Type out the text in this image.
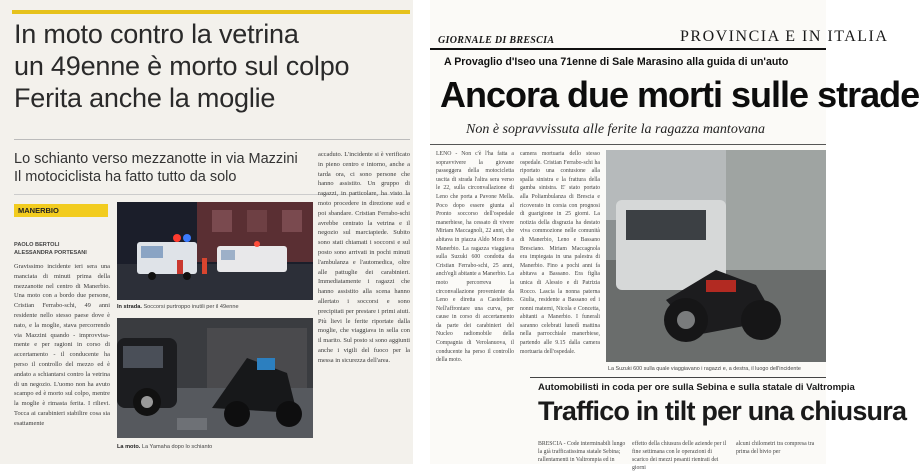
In moto contro la vetrina
un 49enne è morto sul colpo
Ferita anche la moglie
Lo schianto verso mezzanotte in via Mazzini
Il motociclista ha fatto tutto da solo
MANERBIO
PAOLO BERTOLI
ALESSANDRA PORTESANI
Gravissimo incidente ieri sera una manciata di minuti prima della mezzanotte nel centro di Manerbio. Una moto con a bordo due persone, Cristian Ferrabo-schi, 49 anni residente nello stesso paese dove è nato, e la moglie, stava percorrendo via Mazzini quando - improvvisa-mente e per ragioni in corso di accertamento - il conducente ha perso il controllo del mezzo ed è andato a schiantarsi contro la vetrina di un negozio. L'uomo non ha avuto scampo ed è morto sul colpo, mentre la moglie è rimasta ferita. I rilievi. Tocca ai carabinieri stabilire cosa sia esattamente
In strada. Soccorsi purtroppo inutili per il 49enne
La moto. La Yamaha dopo lo schianto
accaduto. L'incidente si è verificato in pieno centro e intorno, anche a tarda ora, ci sono persone che hanno assistito. Un gruppo di ragazzi, in particolare, ha visto la moto procedere in direzione sud e poi sbandare. Cristian Ferrabo-schi avrebbe centrato la vetrina e il negozio sul marciapiede. Subito sono stati chiamati i soccorsi e sul posto sono arrivati in pochi minuti l'ambulanza e l'automedica, oltre alle pattuglie dei carabinieri. Immediatamente i ragazzi che hanno assistito alla scena hanno allertato i soccorsi e sono precipitati per prestare i primi aiuti. Più lievi le ferite riportate dalla moglie, che viaggiava in sella con il marito. Sul posto si sono aggiunti anche i vigili del fuoco per la messa in sicurezza dell'area.
GIORNALE DI BRESCIA	PROVINCIA E IN ITALIA
A Provaglio d'Iseo una 71enne di Sale Marasino alla guida di un'auto
Ancora due morti sulle strade
Non è sopravvissuta alle ferite la ragazza mantovana
LENO - Non c'è l'ha fatta a sopravvivere la giovane passeggera della motocicletta uscita di strada l'altra sera verso le 22, sulla circonvallazione di Leno che porta a Pavone Mella. Poco dopo essere giunta al Pronto soccorso dell'ospedale manerbiese, ha cessato di vivere Miriam Maccagnoli, 22 anni, che abitava in piazza Aldo Moro 8 a Manerbio. La ragazza viaggiava sulla Suzuki 600 condotta da Cristian Ferrabo-schi, 25 anni, anch'egli abitante a Manerbio. La moto percorreva la circonvallazione proveniente da Leno e diretta a Castelletto. Nell'affrontare una curva, per cause in corso di accertamento da parte dei carabinieri del Nucleo radiomobile della Compagnia di Verolanuova, il conducente ha perso il controllo della moto.
camera mortuaria dello stesso ospedale. Cristian Ferrabo-schi ha riportato una contusione alla spalla sinistra e la frattura della gamba sinistra. E' stato portato alla Poliambulanza di Brescia e ricoverato in corsia con prognosi di guarigione in 25 giorni. La notizia della disgrazia ha destato viva commozione nelle comunità di Manerbio, Leno e Bassano Bresciano. Miriam Maccagnola era impiegata in una palestra di Manerbio. Fino a pochi anni fa abitava a Bassano. Era figlia unica di Alessio e di Patrizia Rocco. Lascia la nonna paterna Giulia, residente a Bassano ed i nonni materni, Nicola e Concetta, abitanti a Manerbio. I funerali saranno celebrati lunedì mattina nella parrocchiale manerbiese, partendo alle 9.15 dalla camera mortuaria dell'ospedale.
La Suzuki 600 sulla quale viaggiavano i ragazzi e, a destra, il luogo dell'incidente
Automobilisti in coda per ore sulla Sebina e sulla statale di Valtrompia
Traffico in tilt per una chiusura
BRESCIA - Code interminabili lungo la già trafficatissima statale Sebina; rallentamenti in Valtrompia ed in
effetto della chiusura delle aziende per il fine settimana con le operazioni di scarico dei mezzi pesanti rientrati dei giorni
alcuni chilometri tra compresa tra prima del bivio per
